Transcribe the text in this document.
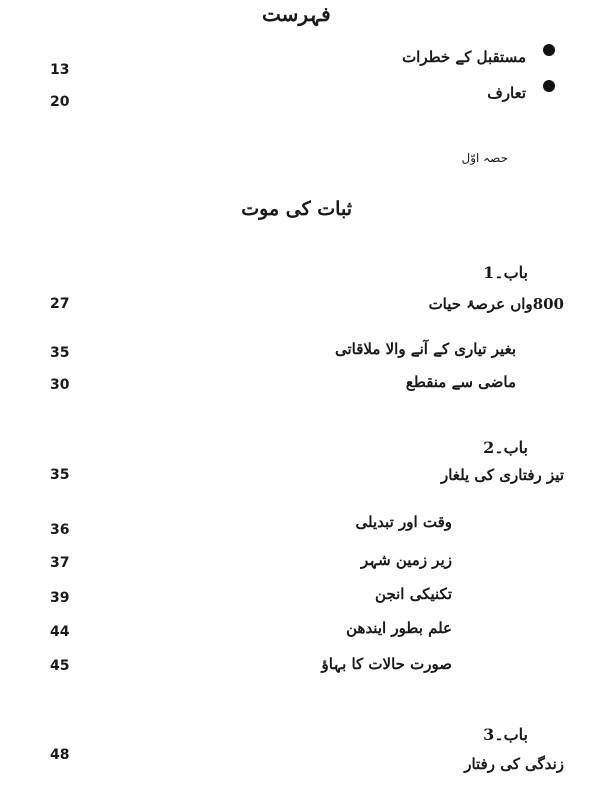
فہرست
مستقبل کے خطرات
13
تعارف
20
حصہ اوّل
ثبات کی موت
باب۔1
800واں عرصۂ حیات
27
بغیر تیاری کے آنے والا ملاقاتی
35
ماضی سے منقطع
30
باب۔2
تیز رفتاری کی یلغار
35
وقت اور تبدیلی
36
زیر زمین شہر
37
تکنیکی انجن
39
علم بطور ایندھن
44
صورت حالات کا بہاؤ
45
باب۔3
زندگی کی رفتار
48
